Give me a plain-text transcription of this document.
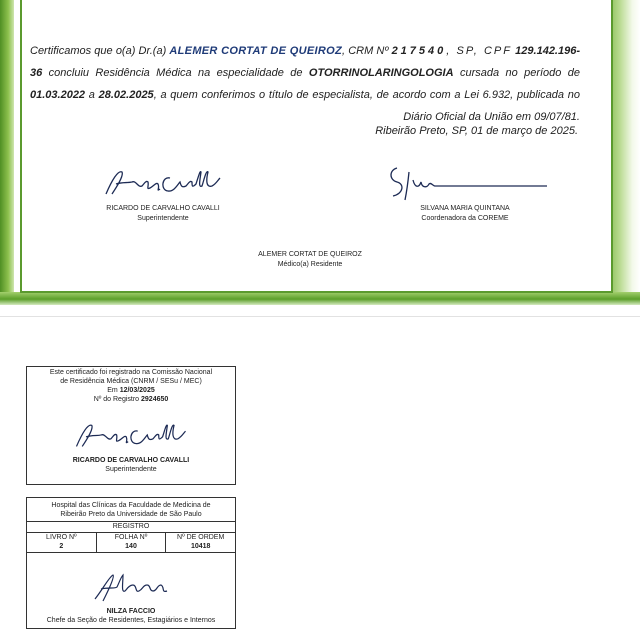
Certificamos que o(a) Dr.(a) ALEMER CORTAT DE QUEIROZ, CRM Nº 217540, SP, CPF 129.142.196-36 concluiu Residência Médica na especialidade de OTORRINOLARINGOLOGIA cursada no período de 01.03.2022 a 28.02.2025, a quem conferimos o título de especialista, de acordo com a Lei 6.932, publicada no Diário Oficial da União em 09/07/81.
Ribeirão Preto, SP, 01 de março de 2025.
RICARDO DE CARVALHO CAVALLI
Superintendente
SILVANA MARIA QUINTANA
Coordenadora da COREME
ALEMER CORTAT DE QUEIROZ
Médico(a) Residente
Este certificado foi registrado na Comissão Nacional
de Residência Médica (CNRM / SESu / MEC)
Em 12/03/2025
Nº do Registro 2924650
RICARDO DE CARVALHO CAVALLI
Superintendente
Hospital das Clínicas da Faculdade de Medicina de
Ribeirão Preto da Universidade de São Paulo
REGISTRO
LIVRO Nº
2
FOLHA Nº
140
Nº DE ORDEM
10418
NILZA FACCIO
Chefe da Seção de Residentes, Estagiários e Internos
